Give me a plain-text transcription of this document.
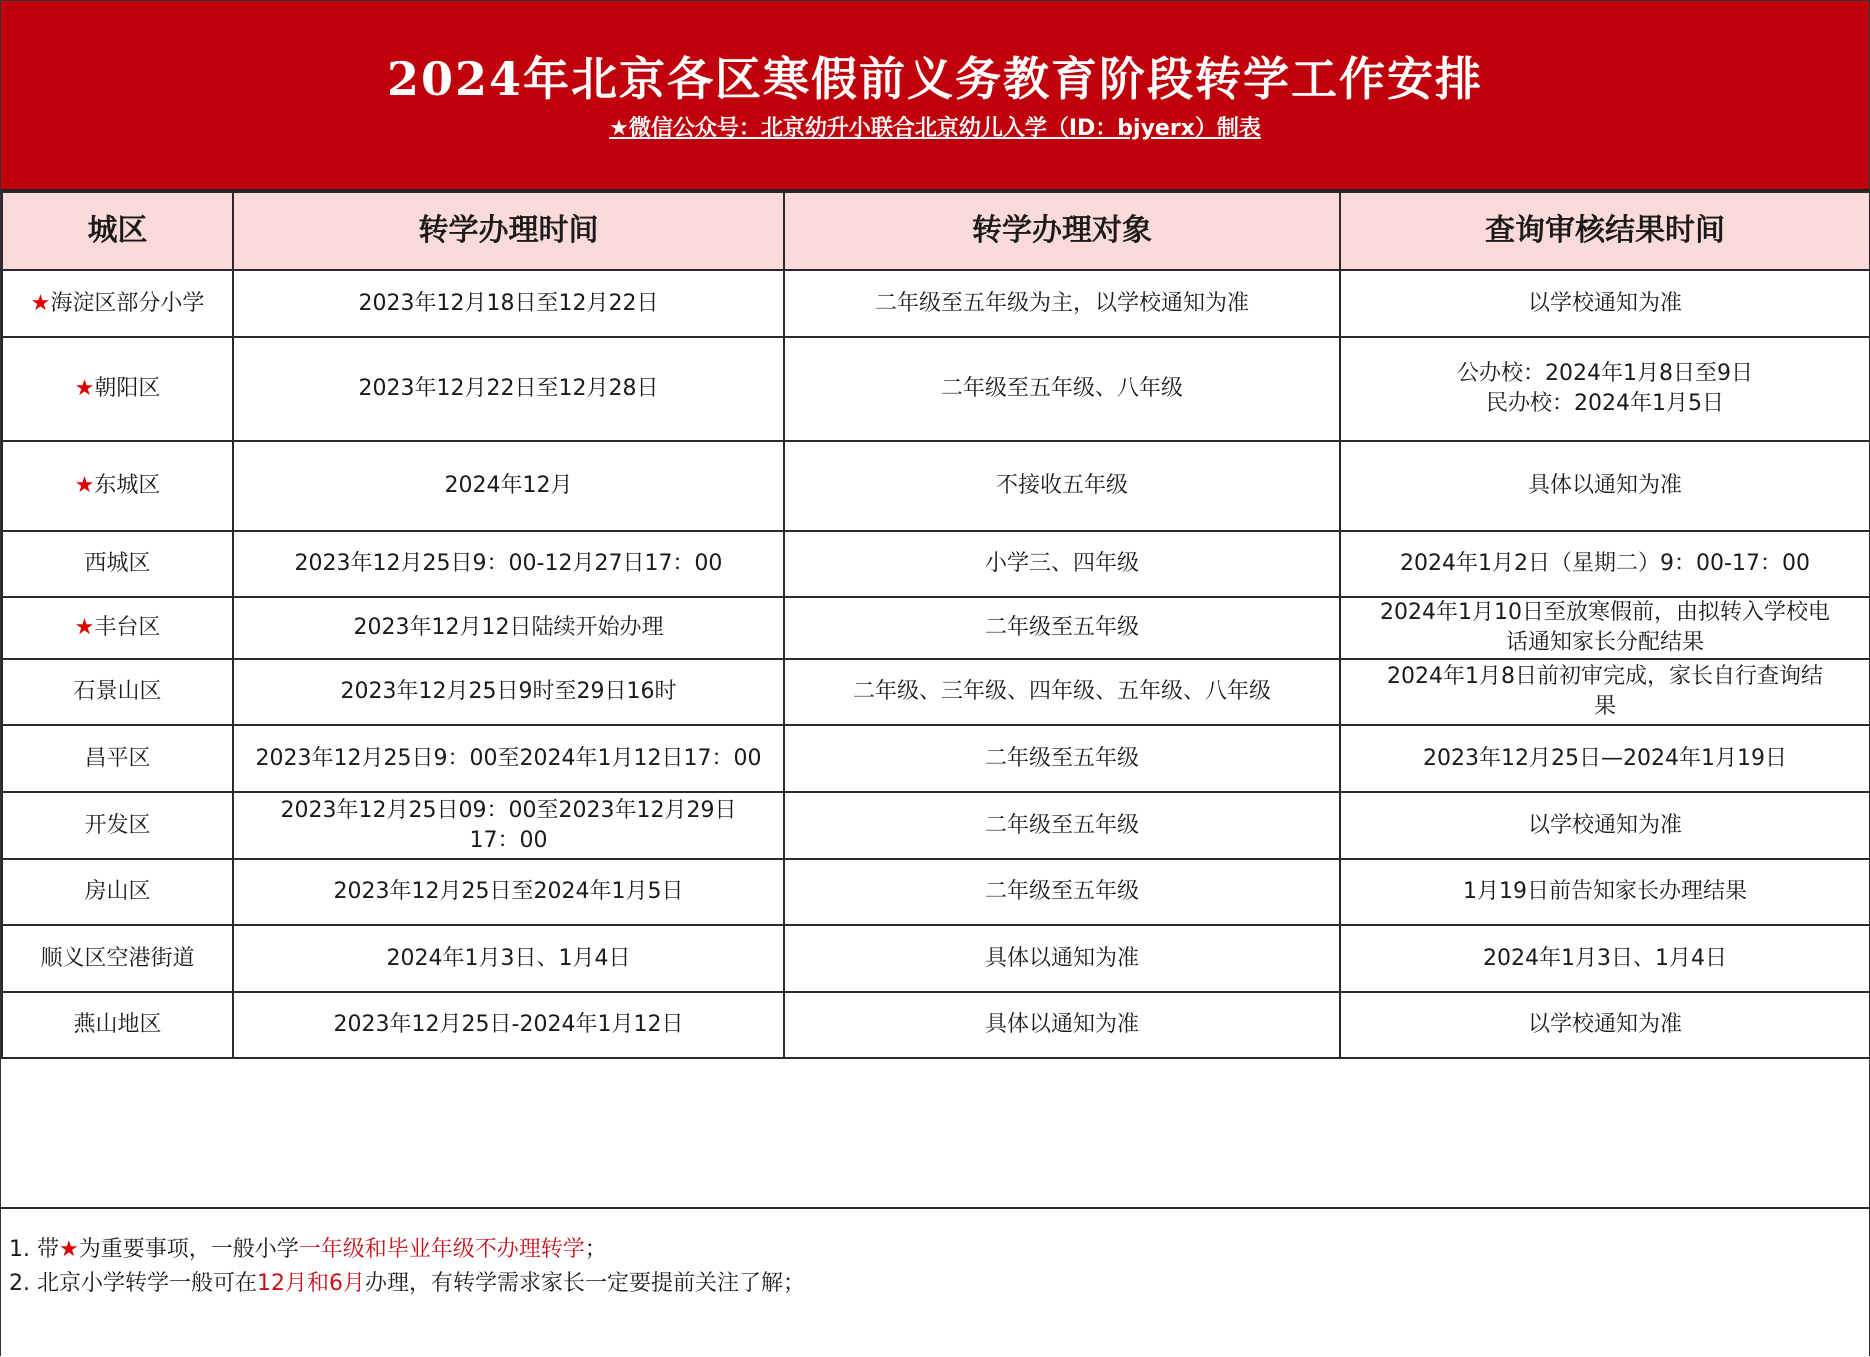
2024年北京各区寒假前义务教育阶段转学工作安排
★微信公众号：北京幼升小联合北京幼儿入学（ID：bjyerx）制表
城区	转学办理时间	转学办理对象	查询审核结果时间
★海淀区部分小学	2023年12月18日至12月22日	二年级至五年级为主，以学校通知为准	以学校通知为准

★朝阳区	2023年12月22日至12月28日	二年级至五年级、八年级	公办校：2024年1月8日至9日
民办校：2024年1月5日

★东城区	2024年12月	不接收五年级	具体以通知为准

西城区	2023年12月25日9：00-12月27日17：00	小学三、四年级	2024年1月2日（星期二）9：00-17：00

★丰台区	2023年12月12日陆续开始办理	二年级至五年级	2024年1月10日至放寒假前，由拟转入学校电
话通知家长分配结果

石景山区	2023年12月25日9时至29日16时	二年级、三年级、四年级、五年级、八年级	2024年1月8日前初审完成，家长自行查询结
果

昌平区	2023年12月25日9：00至2024年1月12日17：00	二年级至五年级	2023年12月25日—2024年1月19日

开发区	2023年12月25日09：00至2023年12月29日
17：00	二年级至五年级	以学校通知为准

房山区	2023年12月25日至2024年1月5日	二年级至五年级	1月19日前告知家长办理结果

顺义区空港街道	2024年1月3日、1月4日	具体以通知为准	2024年1月3日、1月4日

燕山地区	2023年12月25日-2024年1月12日	具体以通知为准	以学校通知为准
1. 带★为重要事项，一般小学一年级和毕业年级不办理转学；
2. 北京小学转学一般可在12月和6月办理，有转学需求家长一定要提前关注了解；
